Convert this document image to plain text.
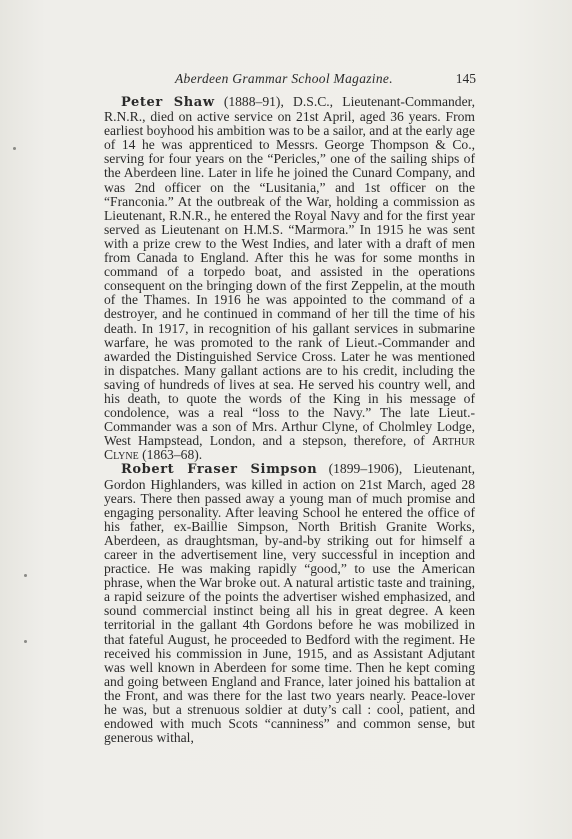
Aberdeen Grammar School Magazine.	145

Peter Shaw (1888–91), D.S.C., Lieutenant-Commander, R.N.R., died on active service on 21st April, aged 36 years. From earliest boyhood his ambition was to be a sailor, and at the early age of 14 he was apprenticed to Messrs. George Thompson & Co., serving for four years on the “Pericles,” one of the sailing ships of the Aberdeen line. Later in life he joined the Cunard Company, and was 2nd officer on the “Lusitania,” and 1st officer on the “Franconia.” At the outbreak of the War, holding a commission as Lieutenant, R.N.R., he entered the Royal Navy and for the first year served as Lieutenant on H.M.S. “Marmora.” In 1915 he was sent with a prize crew to the West Indies, and later with a draft of men from Canada to England. After this he was for some months in command of a torpedo boat, and assisted in the operations consequent on the bringing down of the first Zeppelin, at the mouth of the Thames. In 1916 he was appointed to the command of a destroyer, and he continued in command of her till the time of his death. In 1917, in recognition of his gallant services in submarine warfare, he was promoted to the rank of Lieut.-Commander and awarded the Distinguished Service Cross. Later he was mentioned in dispatches. Many gallant actions are to his credit, including the saving of hundreds of lives at sea. He served his country well, and his death, to quote the words of the King in his message of condolence, was a real “loss to the Navy.” The late Lieut.-Commander was a son of Mrs. Arthur Clyne, of Cholmley Lodge, West Hampstead, London, and a stepson, therefore, of Arthur Clyne (1863–68).

Robert Fraser Simpson (1899–1906), Lieutenant, Gordon Highlanders, was killed in action on 21st March, aged 28 years. There then passed away a young man of much promise and engaging personality. After leaving School he entered the office of his father, ex-Baillie Simpson, North British Granite Works, Aberdeen, as draughtsman, by-and-by striking out for himself a career in the advertisement line, very successful in inception and practice. He was making rapidly “good,” to use the American phrase, when the War broke out. A natural artistic taste and training, a rapid seizure of the points the advertiser wished emphasized, and sound commercial instinct being all his in great degree. A keen territorial in the gallant 4th Gordons before he was mobilized in that fateful August, he proceeded to Bedford with the regiment. He received his commission in June, 1915, and as Assistant Adjutant was well known in Aberdeen for some time. Then he kept coming and going between England and France, later joined his battalion at the Front, and was there for the last two years nearly. Peace-lover he was, but a strenuous soldier at duty’s call : cool, patient, and endowed with much Scots “canniness” and common sense, but generous withal,
